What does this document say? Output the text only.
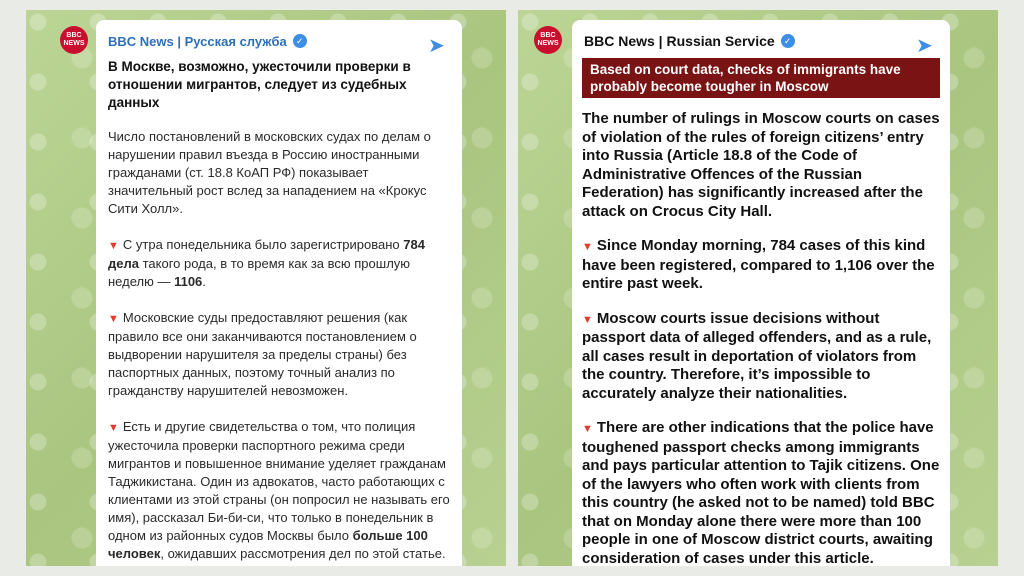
BBC NEWS BBC News | Русская служба	✓	➤
В Москве, возможно, ужесточили проверки в отношении мигрантов, следует из судебных данных

Число постановлений в московских судах по делам о нарушении правил въезда в Россию иностранными гражданами (ст. 18.8 КоАП РФ) показывает значительный рост вслед за нападением на «Крокус Сити Холл».

▼ С утра понедельника было зарегистрировано 784 дела такого рода, в то время как за всю прошлую неделю — 1106.

▼ Московские суды предоставляют решения (как правило все они заканчиваются постановлением о выдворении нарушителя за пределы страны) без паспортных данных, поэтому точный анализ по гражданству нарушителей невозможен.

▼ Есть и другие свидетельства о том, что полиция ужесточила проверки паспортного режима среди мигрантов и повышенное внимание уделяет гражданам Таджикистана. Один из адвокатов, часто работающих с клиентами из этой страны (он попросил не называть его имя), рассказал Би-би-си, что только в понедельник в одном из районных судов Москвы было больше 100 человек, ожидавших рассмотрения дел по этой статье.

BBC NEWS BBC News | Russian Service	✓	➤
Based on court data, checks of immigrants have probably become tougher in Moscow

The number of rulings in Moscow courts on cases of violation of the rules of foreign citizens’ entry into Russia (Article 18.8 of the Code of Administrative Offences of the Russian Federation) has significantly increased after the attack on Crocus City Hall.

▼ Since Monday morning, 784 cases of this kind have been registered, compared to 1,106 over the entire past week.

▼ Moscow courts issue decisions without passport data of alleged offenders, and as a rule, all cases result in deportation of violators from the country. Therefore, it’s impossible to accurately analyze their nationalities.

▼ There are other indications that the police have toughened passport checks among immigrants and pays particular attention to Tajik citizens. One of the lawyers who often work with clients from this country (he asked not to be named) told BBC that on Monday alone there were more than 100 people in one of Moscow district courts, awaiting consideration of cases under this article.
